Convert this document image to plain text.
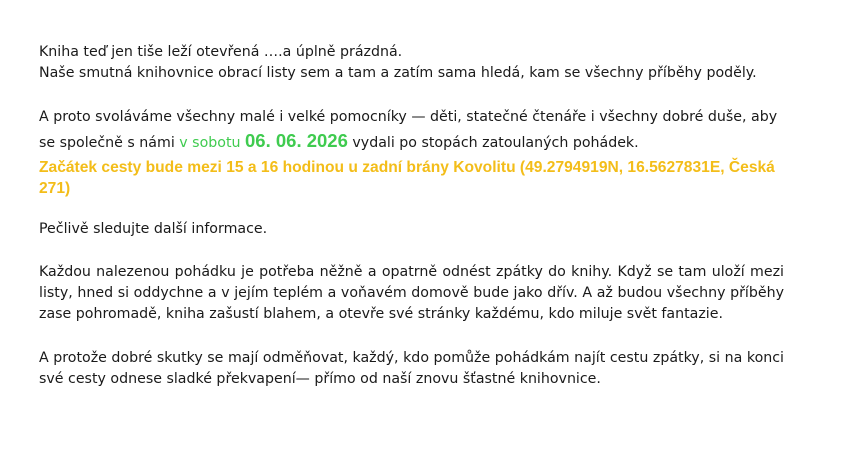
Kniha teď jen tiše leží otevřená ….a úplně prázdná.
Naše smutná knihovnice obrací listy sem a tam a zatím sama hledá, kam se všechny příběhy poděly.

A proto svoláváme všechny malé i velké pomocníky — děti, statečné čtenáře i všechny dobré duše, aby se společně s námi v sobotu 06. 06. 2026 vydali po stopách zatoulaných pohádek.

Začátek cesty bude mezi 15 a 16 hodinou u zadní brány Kovolitu (49.2794919N, 16.5627831E, Česká 271)

Pečlivě sledujte další informace.

Každou nalezenou pohádku je potřeba něžně a opatrně odnést zpátky do knihy. Když se tam uloží mezi listy, hned si oddychne a v jejím teplém a voňavém domově bude jako dřív. A až budou všechny příběhy zase pohromadě, kniha zašustí blahem, a otevře své stránky každému, kdo miluje svět fantazie.

A protože dobré skutky se mají odměňovat, každý, kdo pomůže pohádkám najít cestu zpátky, si na konci své cesty odnese sladké překvapení— přímo od naší znovu šťastné knihovnice.
